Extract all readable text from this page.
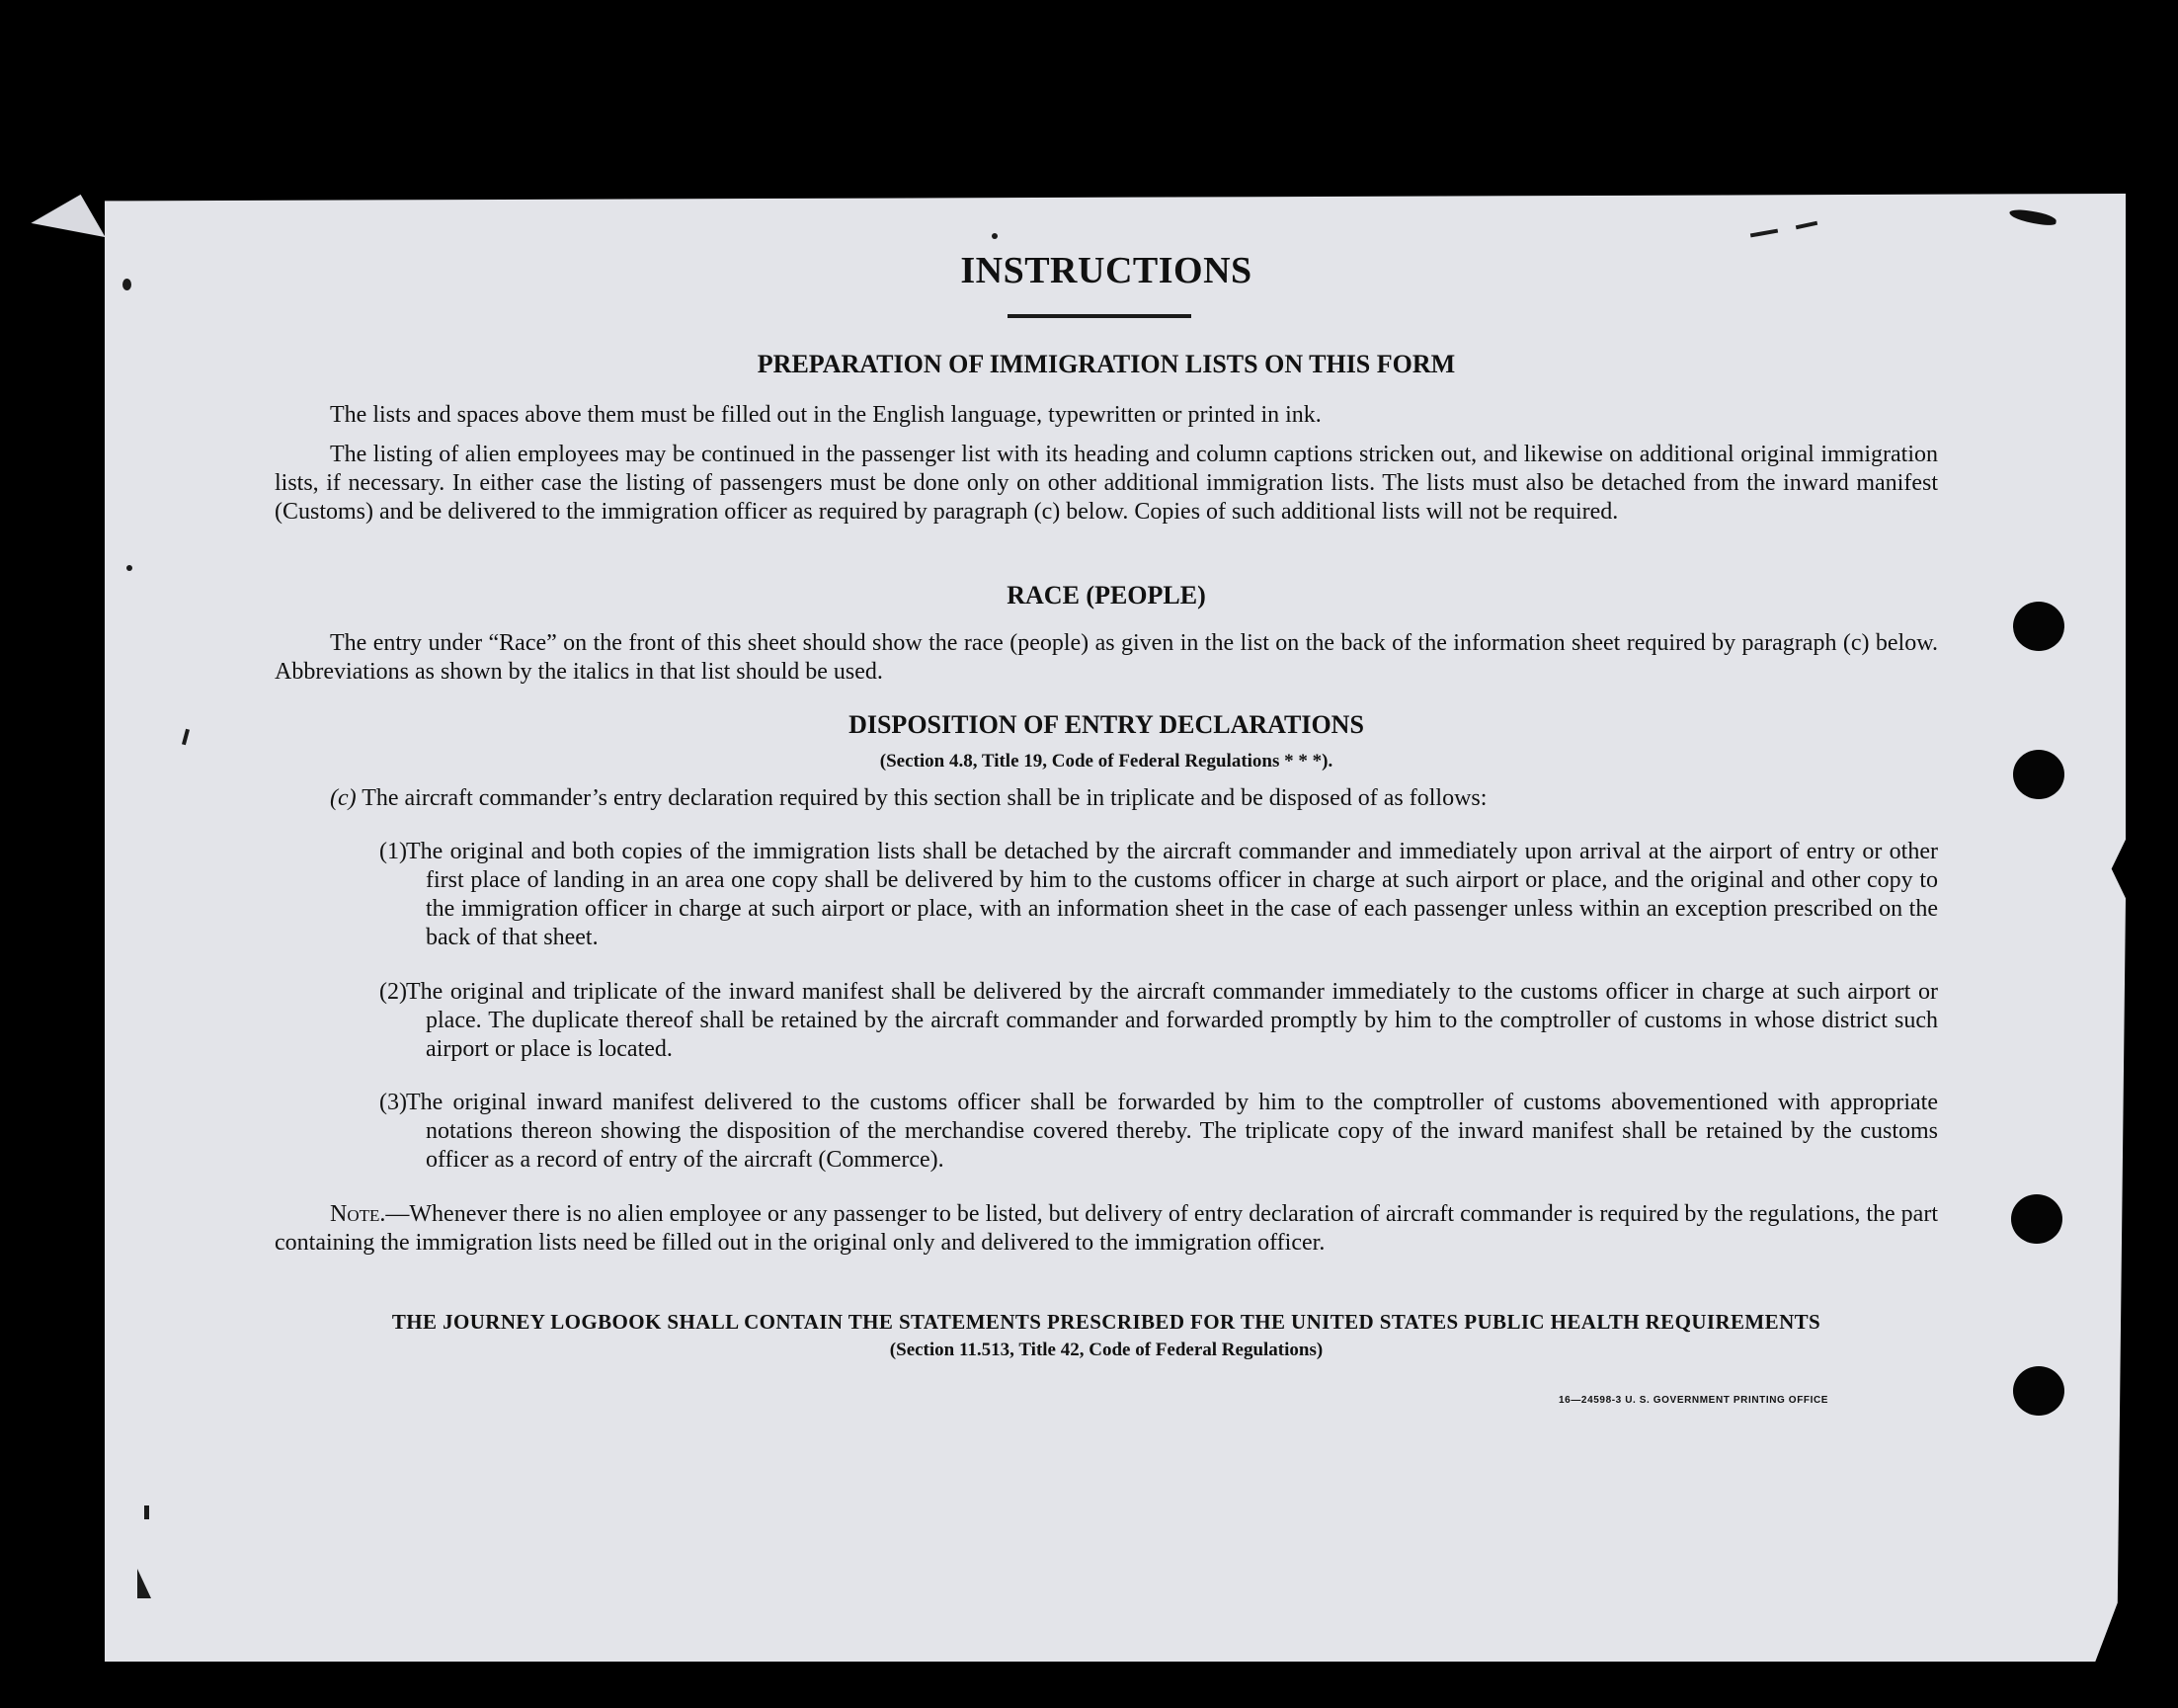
INSTRUCTIONS
PREPARATION OF IMMIGRATION LISTS ON THIS FORM
The lists and spaces above them must be filled out in the English language, typewritten or printed in ink.
The listing of alien employees may be continued in the passenger list with its heading and column captions stricken out, and likewise on additional original immigration lists, if necessary. In either case the listing of passengers must be done only on other additional immigration lists. The lists must also be detached from the inward manifest (Customs) and be delivered to the immigration officer as required by paragraph (c) below. Copies of such additional lists will not be required.
RACE (PEOPLE)
The entry under “Race” on the front of this sheet should show the race (people) as given in the list on the back of the information sheet required by paragraph (c) below. Abbreviations as shown by the italics in that list should be used.
DISPOSITION OF ENTRY DECLARATIONS
(Section 4.8, Title 19, Code of Federal Regulations * * *).
(c) The aircraft commander’s entry declaration required by this section shall be in triplicate and be disposed of as follows:
(1) The original and both copies of the immigration lists shall be detached by the aircraft commander and immediately upon arrival at the airport of entry or other first place of landing in an area one copy shall be delivered by him to the customs officer in charge at such airport or place, and the original and other copy to the immigration officer in charge at such airport or place, with an information sheet in the case of each passenger unless within an exception prescribed on the back of that sheet.
(2) The original and triplicate of the inward manifest shall be delivered by the aircraft commander immediately to the customs officer in charge at such airport or place. The duplicate thereof shall be retained by the aircraft commander and forwarded promptly by him to the comptroller of customs in whose district such airport or place is located.
(3) The original inward manifest delivered to the customs officer shall be forwarded by him to the comptroller of customs abovementioned with appropriate notations thereon showing the disposition of the merchandise covered thereby. The triplicate copy of the inward manifest shall be retained by the customs officer as a record of entry of the aircraft (Commerce).
Note.—Whenever there is no alien employee or any passenger to be listed, but delivery of entry declaration of aircraft commander is required by the regulations, the part containing the immigration lists need be filled out in the original only and delivered to the immigration officer.
THE JOURNEY LOGBOOK SHALL CONTAIN THE STATEMENTS PRESCRIBED FOR THE UNITED STATES PUBLIC HEALTH REQUIREMENTS
(Section 11.513, Title 42, Code of Federal Regulations)
16—24598-3 U. S. GOVERNMENT PRINTING OFFICE
